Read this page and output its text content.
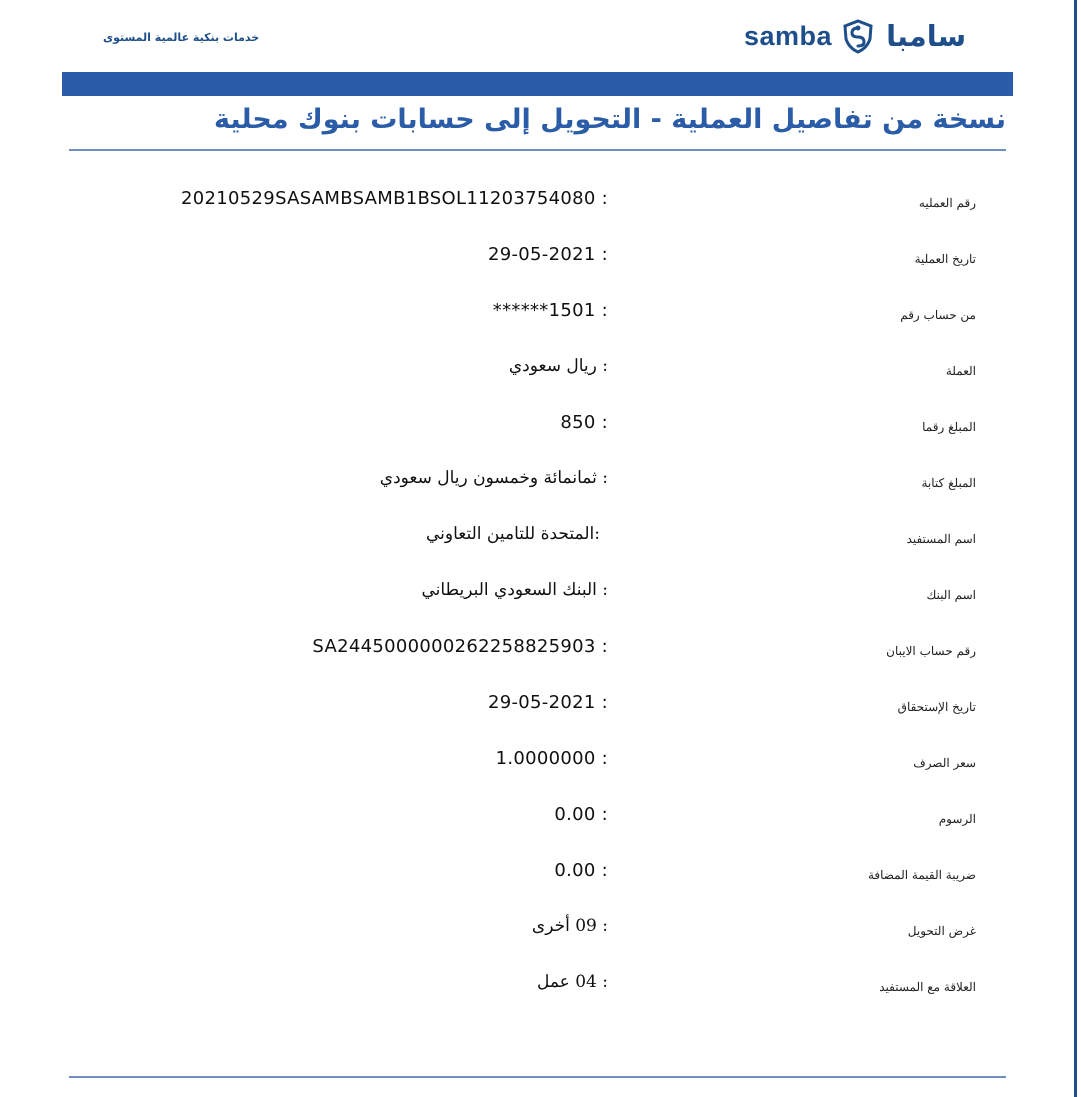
خدمات بنكية عالمية المستوى	samba سامبا
نسخة من تفاصيل العملية - التحويل إلى حسابات بنوك محلية
رقم العمليه
20210529SASAMBSAMB1BSOL11203754080 :
تاريخ العملية
29-05-2021 :
من حساب رقم
******1501 :
العملة
: ريال سعودي
المبلغ رقما
850 :
المبلغ كتابة
: ثمانمائة وخمسون ريال سعودي
اسم المستفيد
:المتحدة للتامين التعاوني
اسم البنك
: البنك السعودي البريطاني
رقم حساب الايبان
SA2445000000262258825903 :
تاريخ الإستحقاق
29-05-2021 :
سعر الصرف
1.0000000 :
الرسوم
0.00 :
ضريبة القيمة المضافة
0.00 :
غرض التحويل
: 09 أخرى
العلاقة مع المستفيد
: 04 عمل
